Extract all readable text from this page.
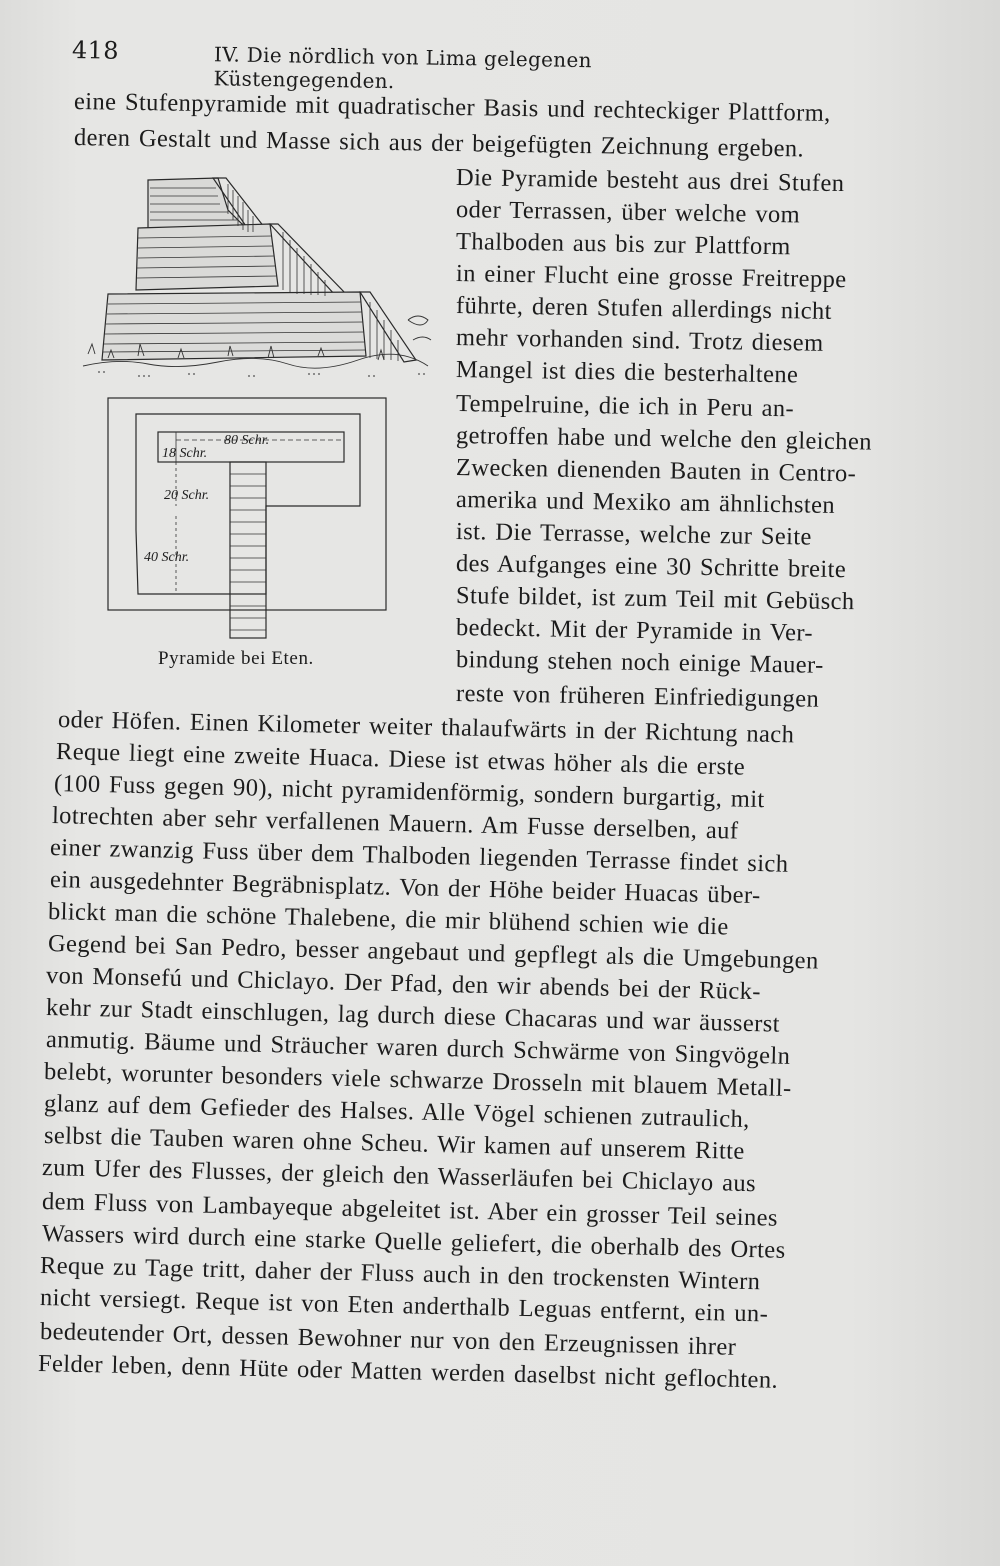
418	IV. Die nördlich von Lima gelegenen Küstengegenden.
18 Schr.
80 Schr.
20 Schr.
40 Schr.
Pyramide bei Eten.
eine Stufenpyramide mit quadratischer Basis und rechteckiger Plattform,
deren Gestalt und Masse sich aus der beigefügten Zeichnung ergeben.
Die Pyramide besteht aus drei Stufen
oder Terrassen, über welche vom
Thalboden aus bis zur Plattform
in einer Flucht eine grosse Freitreppe
führte, deren Stufen allerdings nicht
mehr vorhanden sind. Trotz diesem
Mangel ist dies die besterhaltene
Tempelruine, die ich in Peru an-
getroffen habe und welche den gleichen
Zwecken dienenden Bauten in Centro-
amerika und Mexiko am ähnlichsten
ist. Die Terrasse, welche zur Seite
des Aufganges eine 30 Schritte breite
Stufe bildet, ist zum Teil mit Gebüsch
bedeckt. Mit der Pyramide in Ver-
bindung stehen noch einige Mauer-
reste von früheren Einfriedigungen
oder Höfen. Einen Kilometer weiter thalaufwärts in der Richtung nach
Reque liegt eine zweite Huaca. Diese ist etwas höher als die erste
(100 Fuss gegen 90), nicht pyramidenförmig, sondern burgartig, mit
lotrechten aber sehr verfallenen Mauern. Am Fusse derselben, auf
einer zwanzig Fuss über dem Thalboden liegenden Terrasse findet sich
ein ausgedehnter Begräbnisplatz. Von der Höhe beider Huacas über-
blickt man die schöne Thalebene, die mir blühend schien wie die
Gegend bei San Pedro, besser angebaut und gepflegt als die Umgebungen
von Monsefú und Chiclayo. Der Pfad, den wir abends bei der Rück-
kehr zur Stadt einschlugen, lag durch diese Chacaras und war äusserst
anmutig. Bäume und Sträucher waren durch Schwärme von Singvögeln
belebt, worunter besonders viele schwarze Drosseln mit blauem Metall-
glanz auf dem Gefieder des Halses. Alle Vögel schienen zutraulich,
selbst die Tauben waren ohne Scheu. Wir kamen auf unserem Ritte
zum Ufer des Flusses, der gleich den Wasserläufen bei Chiclayo aus
dem Fluss von Lambayeque abgeleitet ist. Aber ein grosser Teil seines
Wassers wird durch eine starke Quelle geliefert, die oberhalb des Ortes
Reque zu Tage tritt, daher der Fluss auch in den trockensten Wintern
nicht versiegt. Reque ist von Eten anderthalb Leguas entfernt, ein un-
bedeutender Ort, dessen Bewohner nur von den Erzeugnissen ihrer
Felder leben, denn Hüte oder Matten werden daselbst nicht geflochten.
